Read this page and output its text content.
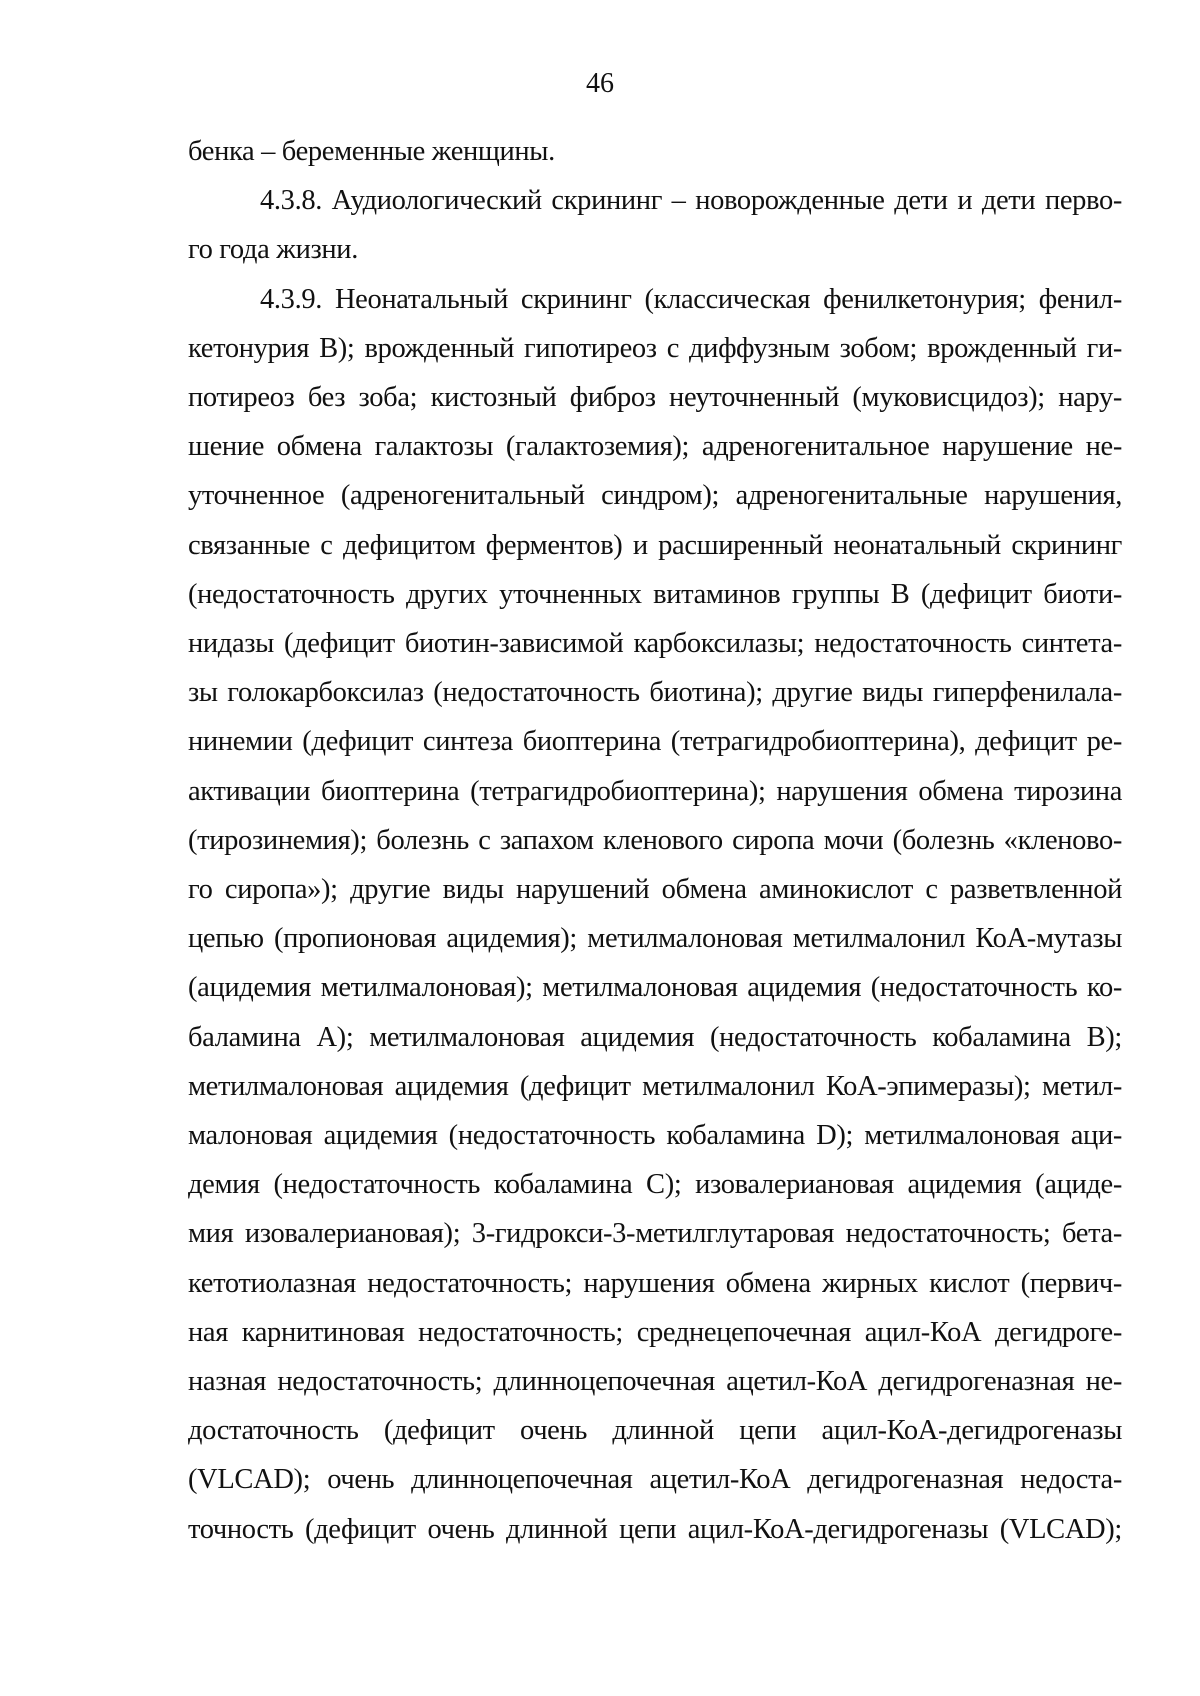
46
бенка – беременные женщины.
4.3.8. Аудиологический скрининг – новорожденные дети и дети перво-
го года жизни.
4.3.9. Неонатальный скрининг (классическая фенилкетонурия; фенил-
кетонурия В); врожденный гипотиреоз с диффузным зобом; врожденный ги-
потиреоз без зоба; кистозный фиброз неуточненный (муковисцидоз); нару-
шение обмена галактозы (галактоземия); адреногенитальное нарушение не-
уточненное (адреногенитальный синдром); адреногенитальные нарушения,
связанные с дефицитом ферментов) и расширенный неонатальный скрининг
(недостаточность других уточненных витаминов группы В (дефицит биоти-
нидазы (дефицит биотин-зависимой карбоксилазы; недостаточность синтета-
зы голокарбоксилаз (недостаточность биотина); другие виды гиперфенилала-
нинемии (дефицит синтеза биоптерина (тетрагидробиоптерина), дефицит ре-
активации биоптерина (тетрагидробиоптерина); нарушения обмена тирозина
(тирозинемия); болезнь с запахом кленового сиропа мочи (болезнь «кленово-
го сиропа»); другие виды нарушений обмена аминокислот с разветвленной
цепью (пропионовая ацидемия); метилмалоновая метилмалонил КоА-мутазы
(ацидемия метилмалоновая); метилмалоновая ацидемия (недостаточность ко-
баламина А); метилмалоновая ацидемия (недостаточность кобаламина В);
метилмалоновая ацидемия (дефицит метилмалонил КоА-эпимеразы); метил-
малоновая ацидемия (недостаточность кобаламина D); метилмалоновая аци-
демия (недостаточность кобаламина С); изовалериановая ацидемия (ациде-
мия изовалериановая); 3-гидрокси-3-метилглутаровая недостаточность; бета-
кетотиолазная недостаточность; нарушения обмена жирных кислот (первич-
ная карнитиновая недостаточность; среднецепочечная ацил-КоА дегидроге-
назная недостаточность; длинноцепочечная ацетил-КоА дегидрогеназная не-
достаточность (дефицит очень длинной цепи ацил-КоА-дегидрогеназы
(VLCAD); очень длинноцепочечная ацетил-КоА дегидрогеназная недоста-
точность (дефицит очень длинной цепи ацил-КоА-дегидрогеназы (VLCAD);
